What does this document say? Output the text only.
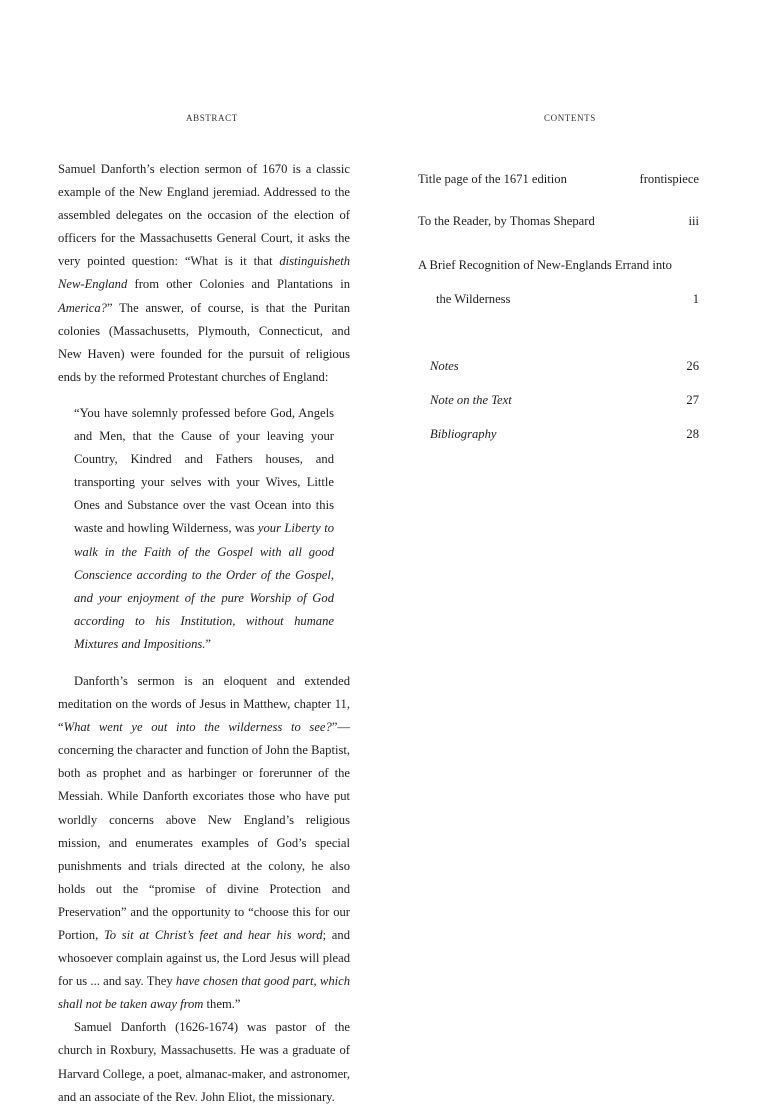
ABSTRACT	CONTENTS

Samuel Danforth’s election sermon of 1670 is a classic example of the New England jeremiad. Addressed to the assembled delegates on the occasion of the election of officers for the Massachusetts General Court, it asks the very pointed question: “What is it that distinguisheth New-England from other Colonies and Plantations in America?” The answer, of course, is that the Puritan colonies (Massachusetts, Plymouth, Connecticut, and New Haven) were founded for the pursuit of religious ends by the reformed Protestant churches of England:

“You have solemnly professed before God, Angels and Men, that the Cause of your leaving your Country, Kindred and Fathers houses, and transporting your selves with your Wives, Little Ones and Substance over the vast Ocean into this waste and howling Wilderness, was your Liberty to walk in the Faith of the Gospel with all good Conscience according to the Order of the Gospel, and your enjoyment of the pure Worship of God according to his Institution, without humane Mixtures and Impositions.”

Danforth’s sermon is an eloquent and extended meditation on the words of Jesus in Matthew, chapter 11, “What went ye out into the wilderness to see?”—concerning the character and function of John the Baptist, both as prophet and as harbinger or forerunner of the Messiah. While Danforth excoriates those who have put worldly concerns above New England’s religious mission, and enumerates examples of God’s special punishments and trials directed at the colony, he also holds out the “promise of divine Protection and Preservation” and the opportunity to “choose this for our Portion, To sit at Christ’s feet and hear his word; and whosoever complain against us, the Lord Jesus will plead for us ... and say. They have chosen that good part, which shall not be taken away from them.”

Samuel Danforth (1626-1674) was pastor of the church in Roxbury, Massachusetts. He was a graduate of Harvard College, a poet, almanac-maker, and astronomer, and an associate of the Rev. John Eliot, the missionary.

Title page of the 1671 edition	frontispiece
To the Reader, by Thomas Shepard	iii
A Brief Recognition of New-Englands Errand into
the Wilderness	1
Notes	26
Note on the Text	27
Bibliography	28
